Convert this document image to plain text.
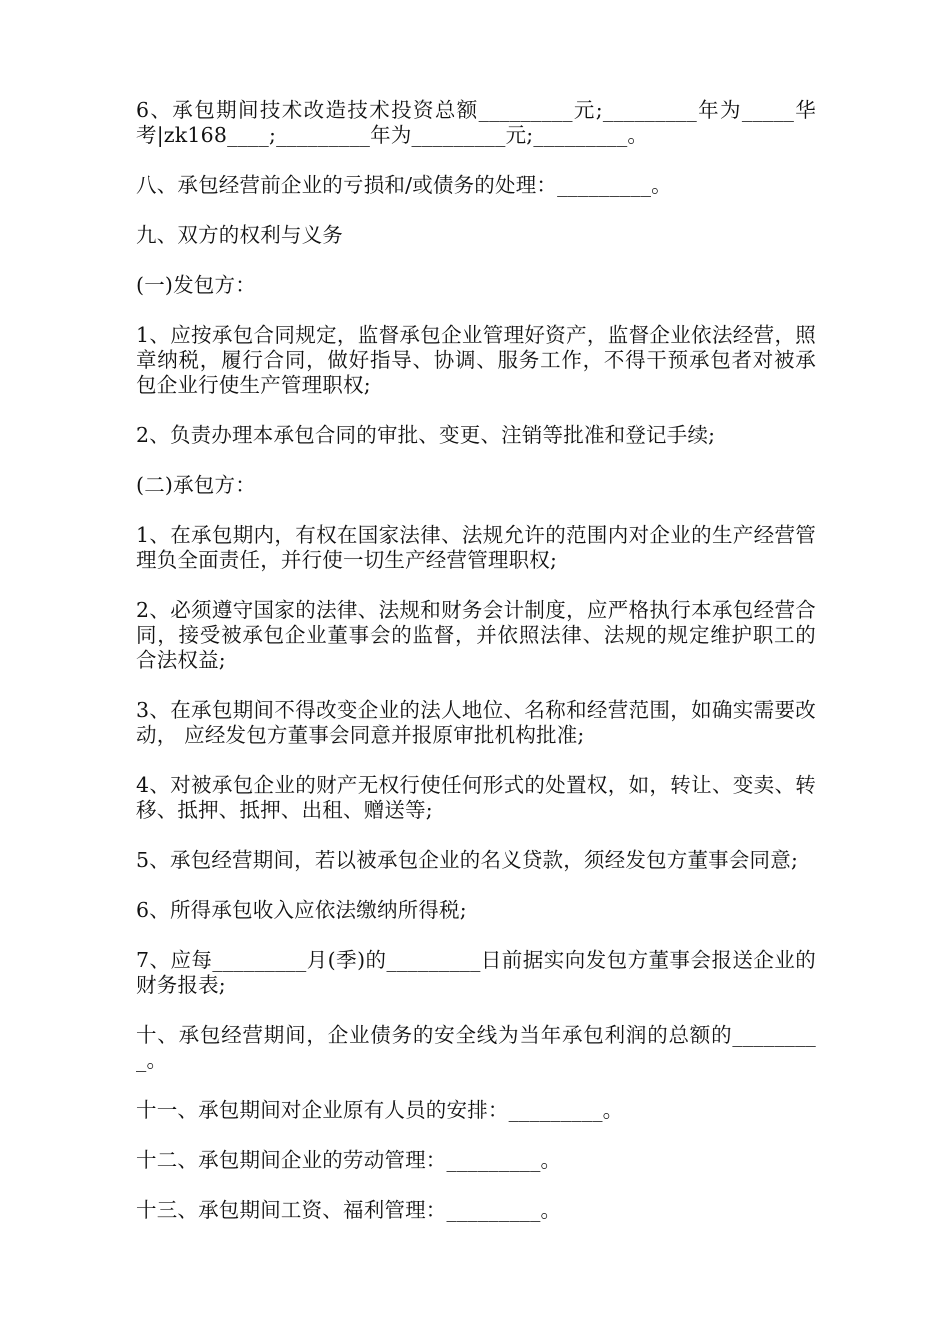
6、承包期间技术改造技术投资总额_________元;_________年为_____华考|zk168____;_________年为_________元;_________。

八、承包经营前企业的亏损和/或债务的处理：_________。

九、双方的权利与义务

(一)发包方：

1、应按承包合同规定，监督承包企业管理好资产，监督企业依法经营，照章纳税，履行合同，做好指导、协调、服务工作，不得干预承包者对被承包企业行使生产管理职权;

2、负责办理本承包合同的审批、变更、注销等批准和登记手续;

(二)承包方：

1、在承包期内，有权在国家法律、法规允许的范围内对企业的生产经营管理负全面责任，并行使一切生产经营管理职权;

2、必须遵守国家的法律、法规和财务会计制度，应严格执行本承包经营合同，接受被承包企业董事会的监督，并依照法律、法规的规定维护职工的合法权益;

3、在承包期间不得改变企业的法人地位、名称和经营范围，如确实需要改动， 应经发包方董事会同意并报原审批机构批准;

4、对被承包企业的财产无权行使任何形式的处置权，如，转让、变卖、转移、抵押、抵押、出租、赠送等;

5、承包经营期间，若以被承包企业的名义贷款，须经发包方董事会同意;

6、所得承包收入应依法缴纳所得税;

7、应每_________月(季)的_________日前据实向发包方董事会报送企业的财务报表;

十、承包经营期间，企业债务的安全线为当年承包利润的总额的_________。

十一、承包期间对企业原有人员的安排：_________。

十二、承包期间企业的劳动管理：_________。

十三、承包期间工资、福利管理：_________。
